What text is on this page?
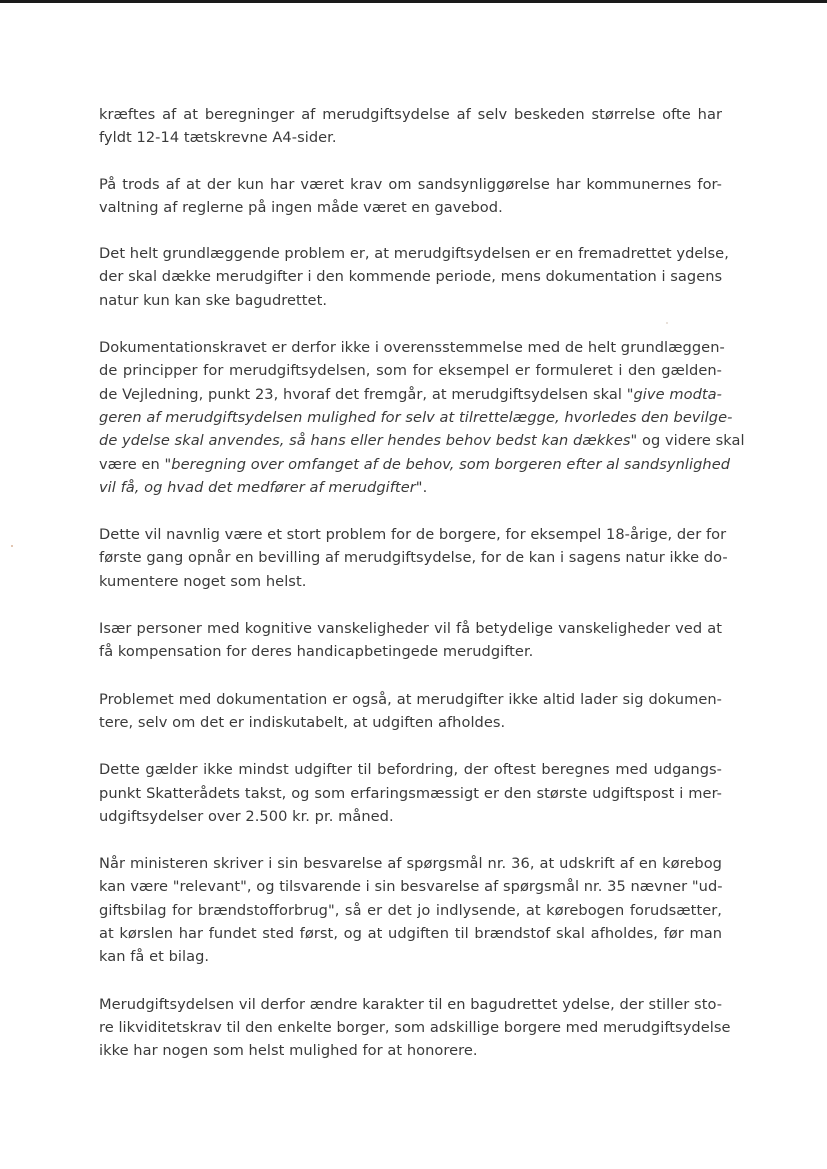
kræftes af at beregninger af merudgiftsydelse af selv beskeden størrelse ofte har
fyldt 12-14 tætskrevne A4-sider.

På trods af at der kun har været krav om sandsynliggørelse har kommunernes for-
valtning af reglerne på ingen måde været en gavebod.

Det helt grundlæggende problem er, at merudgiftsydelsen er en fremadrettet ydelse,
der skal dække merudgifter i den kommende periode, mens dokumentation i sagens
natur kun kan ske bagudrettet.

Dokumentationskravet er derfor ikke i overensstemmelse med de helt grundlæggen-
de principper for merudgiftsydelsen, som for eksempel er formuleret i den gælden-
de Vejledning, punkt 23, hvoraf det fremgår, at merudgiftsydelsen skal "give modta-
geren af merudgiftsydelsen mulighed for selv at tilrettelægge, hvorledes den bevilge-
de ydelse skal anvendes, så hans eller hendes behov bedst kan dækkes" og videre skal
være en "beregning over omfanget af de behov, som borgeren efter al sandsynlighed
vil få, og hvad det medfører af merudgifter".

Dette vil navnlig være et stort problem for de borgere, for eksempel 18-årige, der for
første gang opnår en bevilling af merudgiftsydelse, for de kan i sagens natur ikke do-
kumentere noget som helst.

Især personer med kognitive vanskeligheder vil få betydelige vanskeligheder ved at
få kompensation for deres handicapbetingede merudgifter.

Problemet med dokumentation er også, at merudgifter ikke altid lader sig dokumen-
tere, selv om det er indiskutabelt, at udgiften afholdes.

Dette gælder ikke mindst udgifter til befordring, der oftest beregnes med udgangs-
punkt Skatterådets takst, og som erfaringsmæssigt er den største udgiftspost i mer-
udgiftsydelser over 2.500 kr. pr. måned.

Når ministeren skriver i sin besvarelse af spørgsmål nr. 36, at udskrift af en kørebog
kan være "relevant", og tilsvarende i sin besvarelse af spørgsmål nr. 35 nævner "ud-
giftsbilag for brændstofforbrug", så er det jo indlysende, at kørebogen forudsætter,
at kørslen har fundet sted først, og at udgiften til brændstof skal afholdes, før man
kan få et bilag.

Merudgiftsydelsen vil derfor ændre karakter til en bagudrettet ydelse, der stiller sto-
re likviditetskrav til den enkelte borger, som adskillige borgere med merudgiftsydelse
ikke har nogen som helst mulighed for at honorere.
